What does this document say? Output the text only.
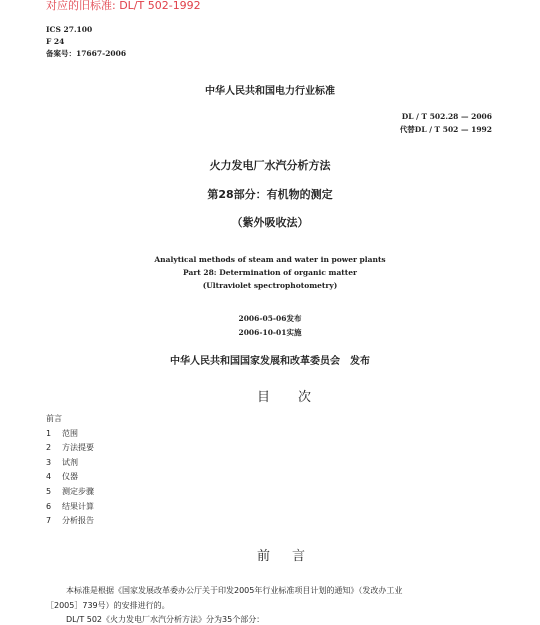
对应的旧标准: DL/T 502-1992
ICS 27.100
F 24
备案号：17667-2006
中华人民共和国电力行业标准
DL / T 502.28 — 2006
代替DL / T 502 — 1992
火力发电厂水汽分析方法
第28部分：有机物的测定
（紫外吸收法）
Analytical methods of steam and water in power plants
Part 28: Determination of organic matter
(Ultraviolet spectrophotometry)
2006-05-06发布
2006-10-01实施
中华人民共和国国家发展和改革委员会　发布
目次
前言
1 范围
2 方法提要
3 试剂
4 仪器
5 测定步骤
6 结果计算
7 分析报告
前言
本标准是根据《国家发展改革委办公厅关于印发2005年行业标准项目计划的通知》（发改办工业
［2005］739号）的安排进行的。
DL/T 502《火力发电厂水汽分析方法》分为35个部分：
